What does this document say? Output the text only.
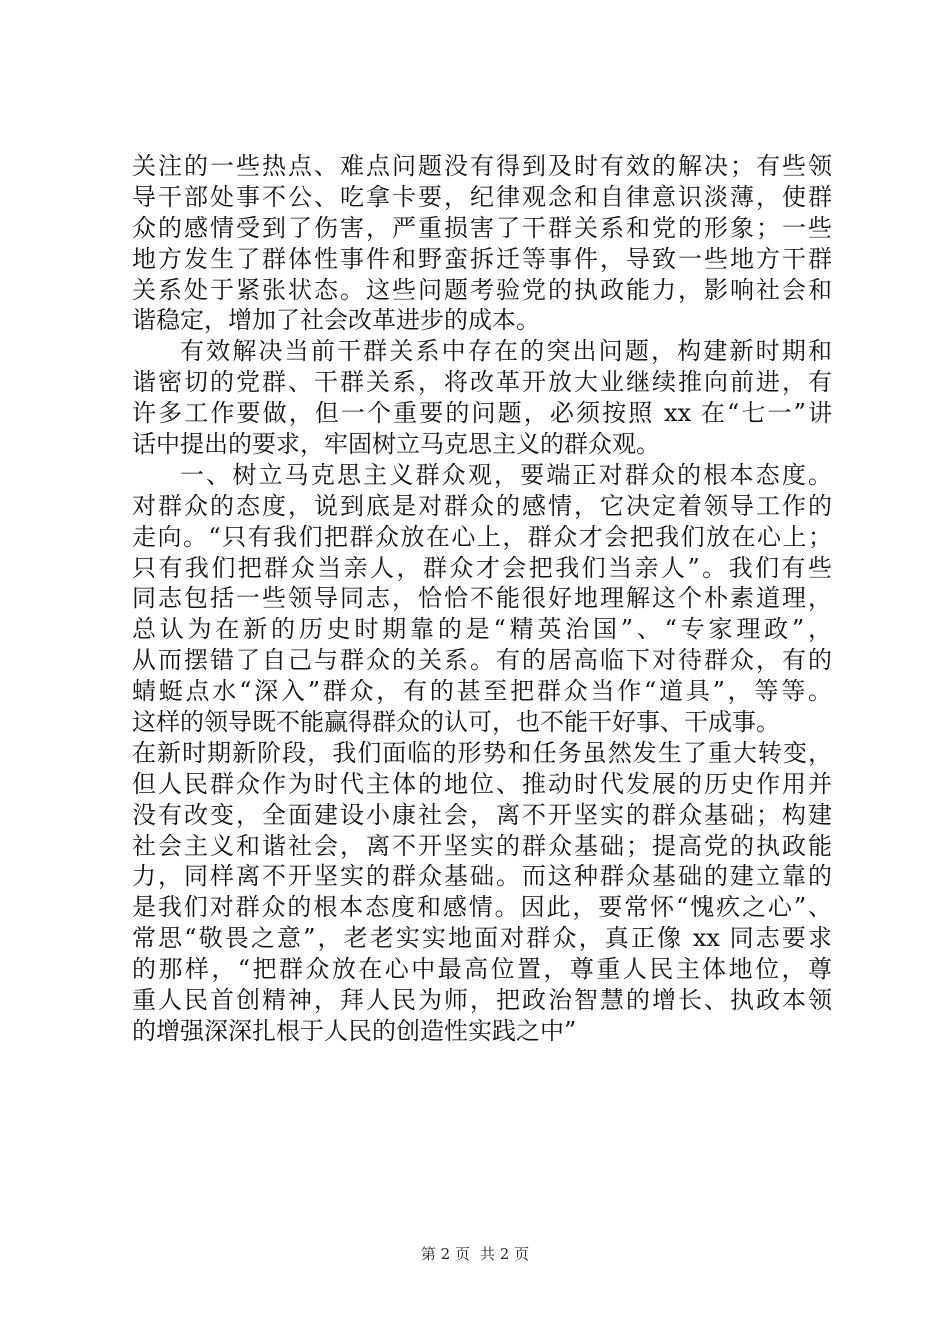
关注的一些热点、难点问题没有得到及时有效的解决；有些领
导干部处事不公、吃拿卡要，纪律观念和自律意识淡薄，使群
众的感情受到了伤害，严重损害了干群关系和党的形象；一些
地方发生了群体性事件和野蛮拆迁等事件，导致一些地方干群
关系处于紧张状态。这些问题考验党的执政能力，影响社会和
谐稳定，增加了社会改革进步的成本。
有效解决当前干群关系中存在的突出问题，构建新时期和
谐密切的党群、干群关系，将改革开放大业继续推向前进，有
许多工作要做，但一个重要的问题，必须按照 xx 在“七一”讲
话中提出的要求，牢固树立马克思主义的群众观。
一、树立马克思主义群众观，要端正对群众的根本态度。
对群众的态度，说到底是对群众的感情，它决定着领导工作的
走向。“只有我们把群众放在心上，群众才会把我们放在心上；
只有我们把群众当亲人，群众才会把我们当亲人”。我们有些
同志包括一些领导同志，恰恰不能很好地理解这个朴素道理，
总认为在新的历史时期靠的是“精英治国”、“专家理政”，
从而摆错了自己与群众的关系。有的居高临下对待群众，有的
蜻蜓点水“深入”群众，有的甚至把群众当作“道具”，等等。
这样的领导既不能赢得群众的认可，也不能干好事、干成事。
在新时期新阶段，我们面临的形势和任务虽然发生了重大转变，
但人民群众作为时代主体的地位、推动时代发展的历史作用并
没有改变，全面建设小康社会，离不开坚实的群众基础；构建
社会主义和谐社会，离不开坚实的群众基础；提高党的执政能
力，同样离不开坚实的群众基础。而这种群众基础的建立靠的
是我们对群众的根本态度和感情。因此，要常怀“愧疚之心”、
常思“敬畏之意”，老老实实地面对群众，真正像 xx 同志要求
的那样，“把群众放在心中最高位置，尊重人民主体地位，尊
重人民首创精神，拜人民为师，把政治智慧的增长、执政本领
的增强深深扎根于人民的创造性实践之中”
第 2 页 共 2 页
